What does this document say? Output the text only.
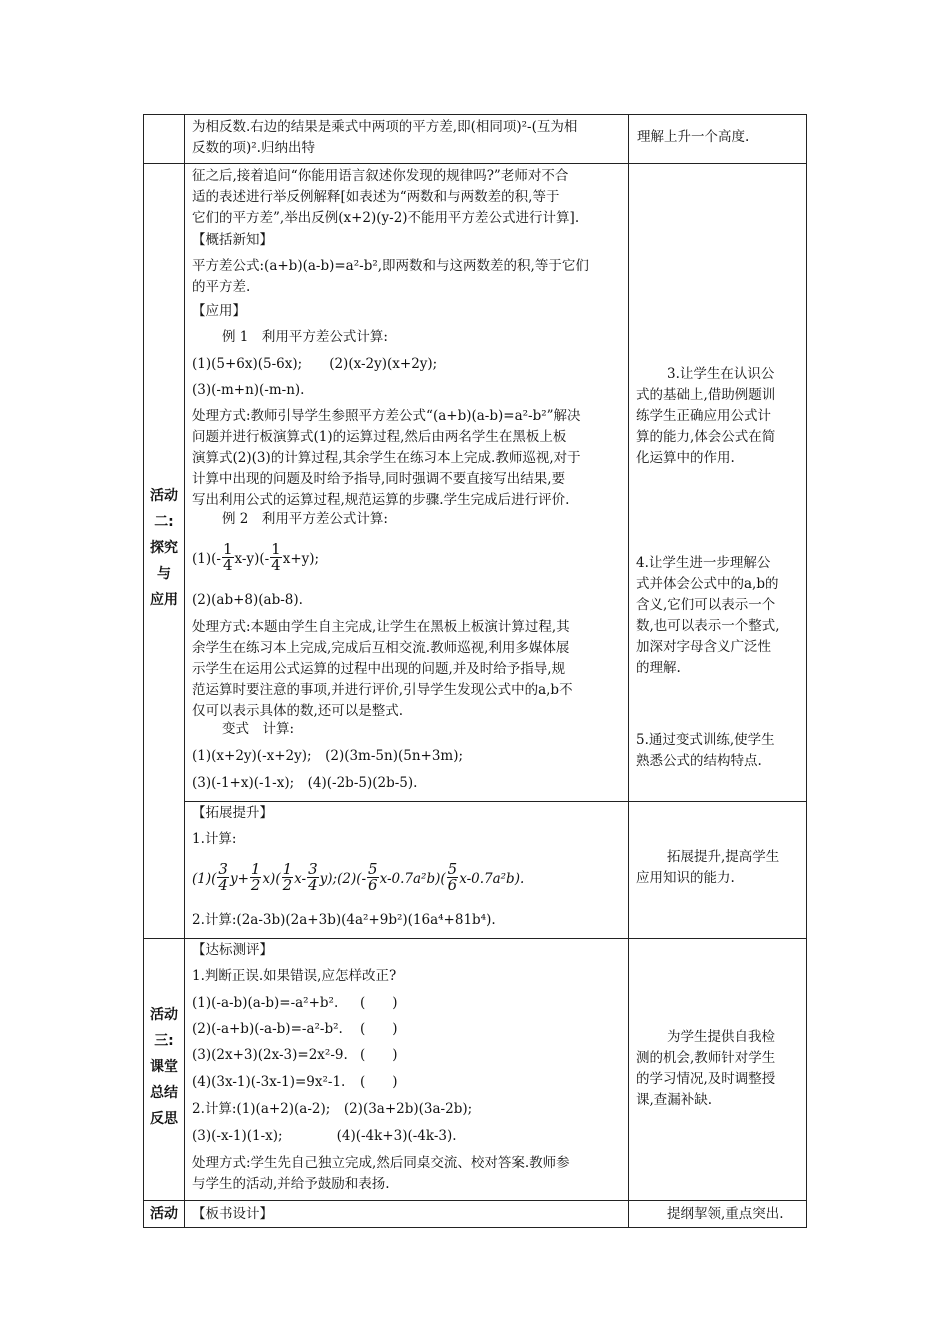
为相反数.右边的结果是乘式中两项的平方差,即(相同项)²-(互为相
反数的项)².归纳出特
理解上升一个高度.
活动
二:
探究
与
应用
征之后,接着追问“你能用语言叙述你发现的规律吗?”老师对不合
适的表述进行举反例解释[如表述为“两数和与两数差的积,等于
它们的平方差”,举出反例(x+2)(y-2)不能用平方差公式进行计算].
【概括新知】
平方差公式:(a+b)(a-b)=a²-b²,即两数和与这两数差的积,等于它们
的平方差.
【应用】
例 1　利用平方差公式计算:
(1)(5+6x)(5-6x);　　(2)(x-2y)(x+2y);
(3)(-m+n)(-m-n).
处理方式:教师引导学生参照平方差公式“(a+b)(a-b)=a²-b²”解决
问题并进行板演算式(1)的运算过程,然后由两名学生在黑板上板
演算式(2)(3)的计算过程,其余学生在练习本上完成.教师巡视,对于
计算中出现的问题及时给予指导,同时强调不要直接写出结果,要
写出利用公式的运算过程,规范运算的步骤.学生完成后进行评价.
例 2　利用平方差公式计算:
$(1)(- \frac{1}{4} x-y)(- \frac{1}{4} x+y)$;
(2)(ab+8)(ab-8).
处理方式:本题由学生自主完成,让学生在黑板上板演计算过程,其
余学生在练习本上完成,完成后互相交流.教师巡视,利用多媒体展
示学生在运用公式运算的过程中出现的问题,并及时给予指导,规
范运算时要注意的事项,并进行评价,引导学生发现公式中的a,b不
仅可以表示具体的数,还可以是整式.
变式　计算:
(1)(x+2y)(-x+2y);　(2)(3m-5n)(5n+3m);
(3)(-1+x)(-1-x);　(4)(-2b-5)(2b-5).
3.让学生在认识公
式的基础上,借助例题训
练学生正确应用公式计
算的能力,体会公式在简
化运算中的作用.
4.让学生进一步理解公
式并体会公式中的a,b的
含义,它们可以表示一个
数,也可以表示一个整式,
加深对字母含义广泛性
的理解.
5.通过变式训练,使学生
熟悉公式的结构特点.
【拓展提升】
1.计算:
$(1)( \frac{3}{4} y+ \frac{1}{2} x)( \frac{1}{2} x- \frac{3}{4}$ y);(2)(- $\frac{5}{6} x-0.7a^2b)( \frac{5}{6} x-0.7a^2b)$.
2.计算:(2a-3b)(2a+3b)(4a²+9b²)(16a⁴+81b⁴).
拓展提升,提高学生
应用知识的能力.
活动
三:
课堂
总结
反思
【达标测评】
1.判断正误.如果错误,应怎样改正?
(1)(-a-b)(a-b)=-a²+b². (　　)
(2)(-a+b)(-a-b)=-a²-b². (　　)
(3)(2x+3)(2x-3)=2x²-9. (　　)
(4)(3x-1)(-3x-1)=9x²-1. (　　)
2.计算:(1)(a+2)(a-2);　(2)(3a+2b)(3a-2b);
(3)(-x-1)(1-x);　　　　(4)(-4k+3)(-4k-3).
处理方式:学生先自己独立完成,然后同桌交流、校对答案.教师参
与学生的活动,并给予鼓励和表扬.
为学生提供自我检
测的机会,教师针对学生
的学习情况,及时调整授
课,查漏补缺.
活动	【板书设计】	提纲挈领,重点突出.
